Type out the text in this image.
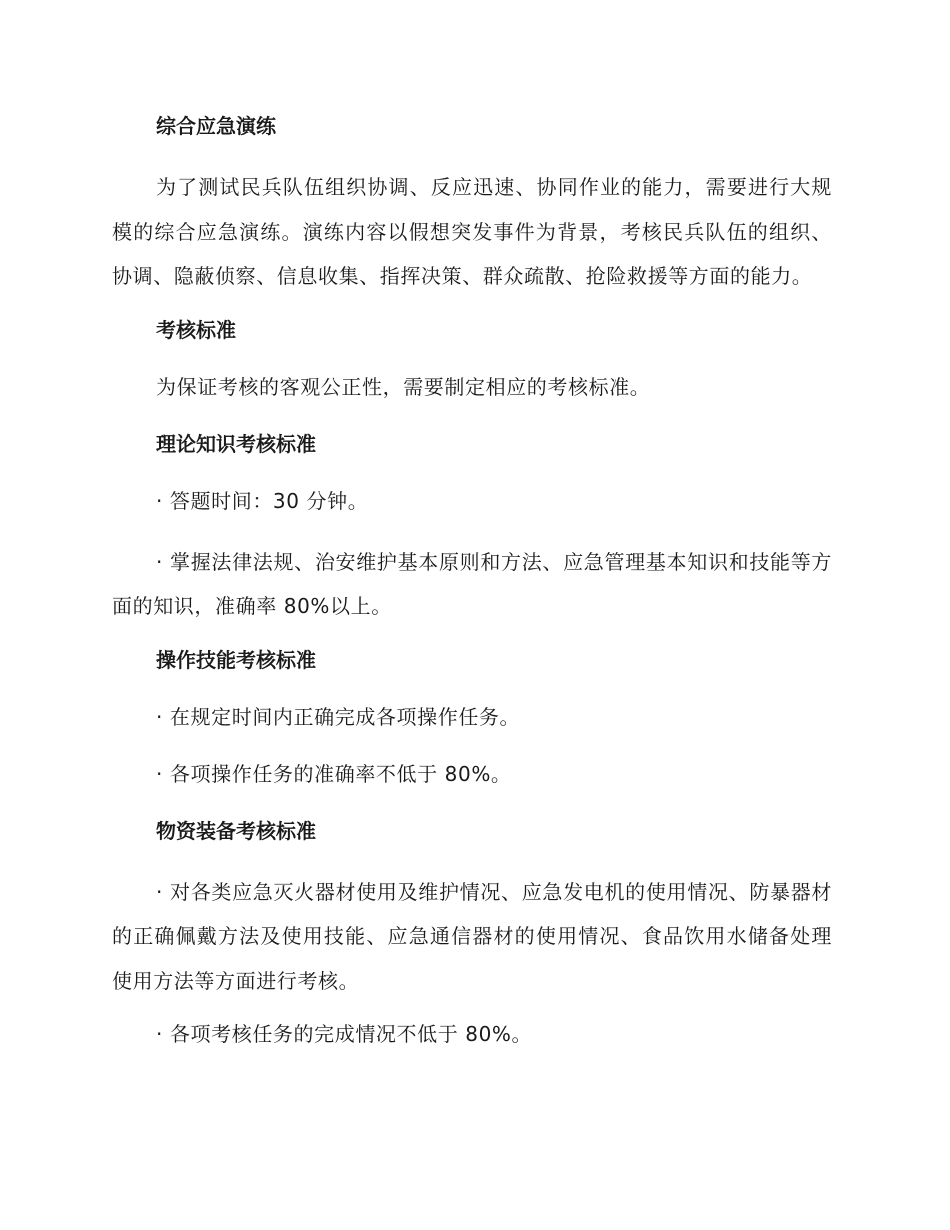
综合应急演练
为了测试民兵队伍组织协调、反应迅速、协同作业的能力，需要进行大规模的综合应急演练。演练内容以假想突发事件为背景，考核民兵队伍的组织、协调、隐蔽侦察、信息收集、指挥决策、群众疏散、抢险救援等方面的能力。
考核标准
为保证考核的客观公正性，需要制定相应的考核标准。
理论知识考核标准
· 答题时间：30 分钟。
· 掌握法律法规、治安维护基本原则和方法、应急管理基本知识和技能等方面的知识，准确率 80%以上。
操作技能考核标准
· 在规定时间内正确完成各项操作任务。
· 各项操作任务的准确率不低于 80%。
物资装备考核标准
· 对各类应急灭火器材使用及维护情况、应急发电机的使用情况、防暴器材的正确佩戴方法及使用技能、应急通信器材的使用情况、食品饮用水储备处理使用方法等方面进行考核。
· 各项考核任务的完成情况不低于 80%。
